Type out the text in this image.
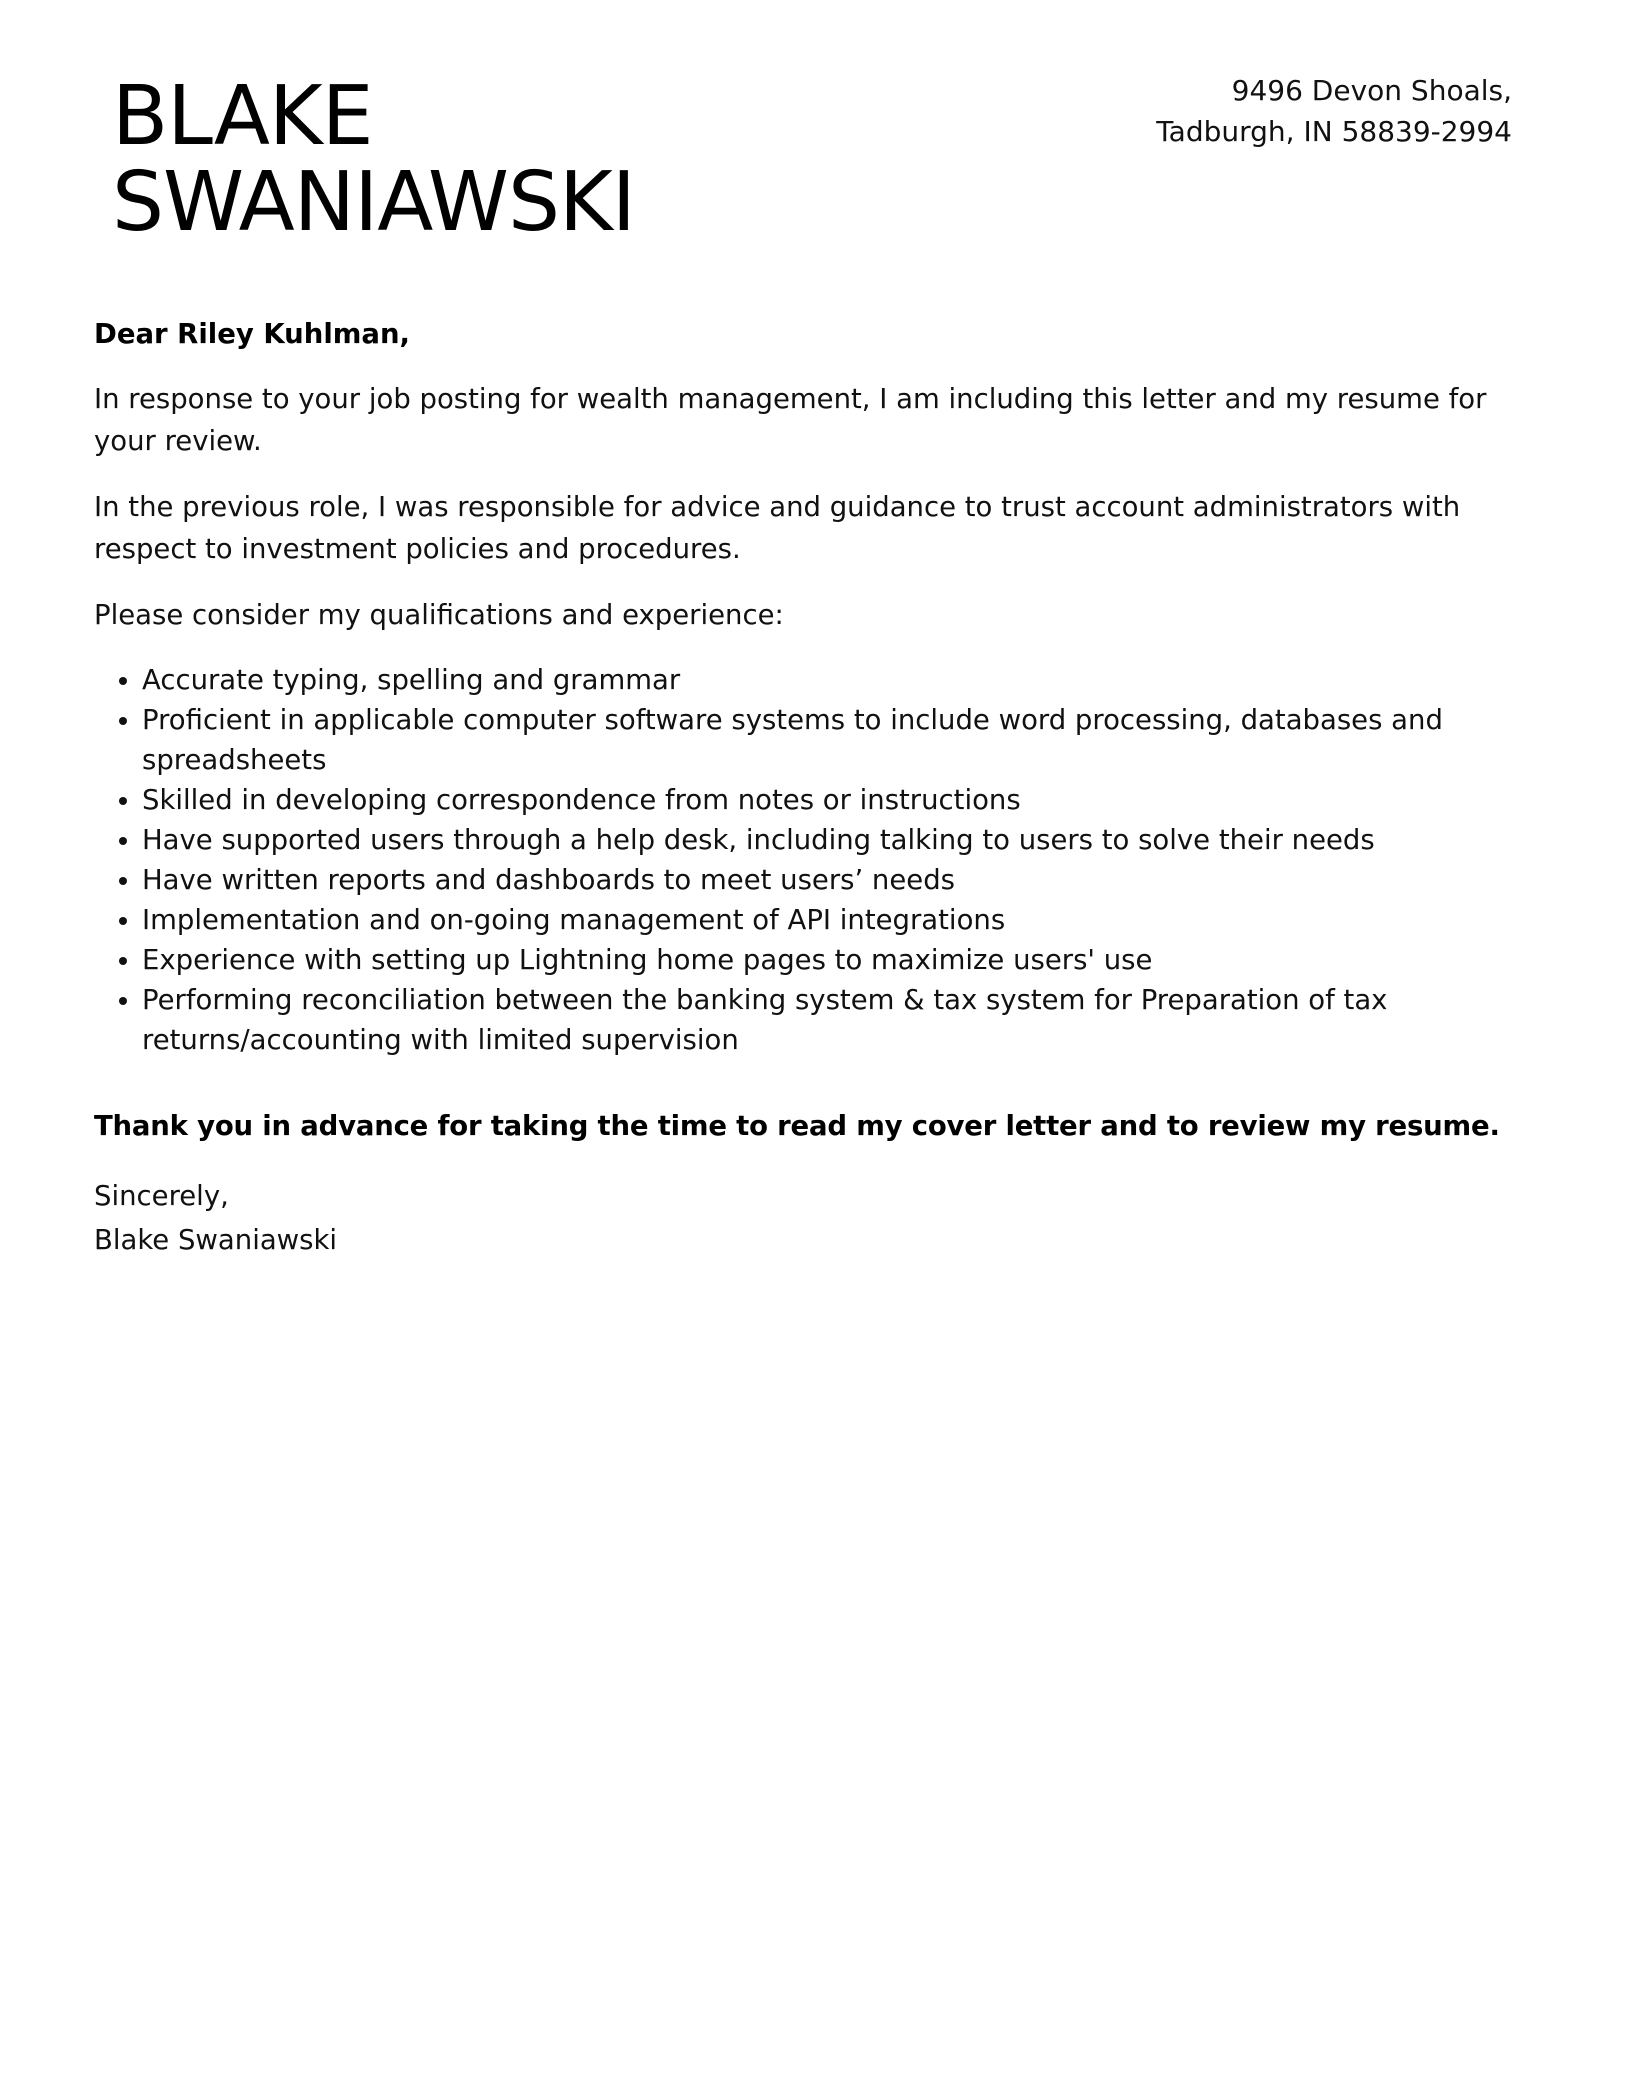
BLAKE
SWANIAWSKI
9496 Devon Shoals,
Tadburgh, IN 58839-2994

Dear Riley Kuhlman,

In response to your job posting for wealth management, I am including this letter and my resume for your review.

In the previous role, I was responsible for advice and guidance to trust account administrators with respect to investment policies and procedures.

Please consider my qualifications and experience:

• Accurate typing, spelling and grammar
• Proficient in applicable computer software systems to include word processing, databases and spreadsheets
• Skilled in developing correspondence from notes or instructions
• Have supported users through a help desk, including talking to users to solve their needs
• Have written reports and dashboards to meet users’ needs
• Implementation and on-going management of API integrations
• Experience with setting up Lightning home pages to maximize users' use
• Performing reconciliation between the banking system & tax system for Preparation of tax returns/accounting with limited supervision

Thank you in advance for taking the time to read my cover letter and to review my resume.

Sincerely,
Blake Swaniawski
